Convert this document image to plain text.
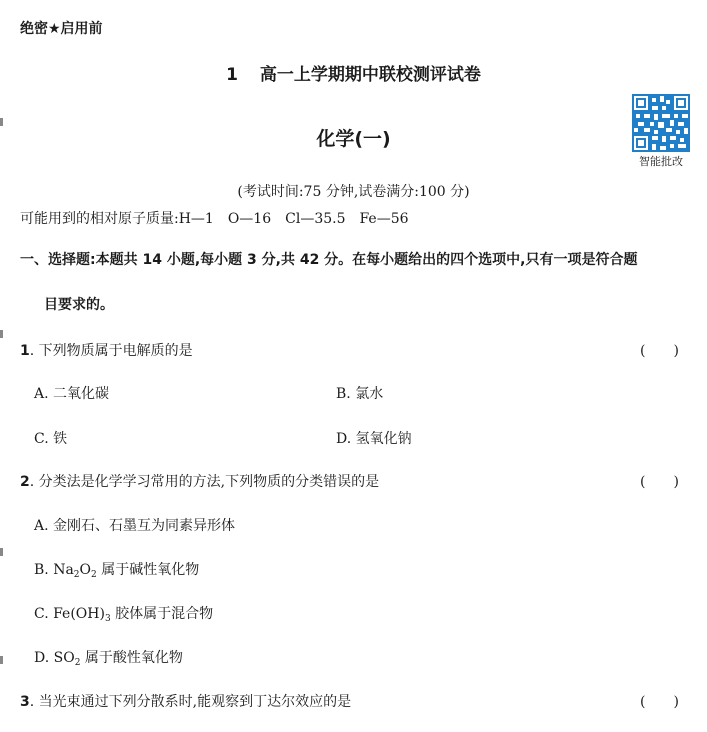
绝密★启用前
1 高一上学期期中联校测评试卷
化学(一)
智能批改
(考试时间:75 分钟,试卷满分:100 分)
可能用到的相对原子质量:H—1　O—16　Cl—35.5　Fe—56
一、选择题:本题共 14 小题,每小题 3 分,共 42 分。在每小题给出的四个选项中,只有一项是符合题
目要求的。
1. 下列物质属于电解质的是	(　　)
A. 二氧化碳	B. 氯水
C. 铁	D. 氢氧化钠
2. 分类法是化学学习常用的方法,下列物质的分类错误的是	(　　)
A. 金刚石、石墨互为同素异形体
B. $Na_2O_2$ 属于碱性氧化物
C. $Fe(OH)_3$ 胶体属于混合物
D. $SO_2$ 属于酸性氧化物
3. 当光束通过下列分散系时,能观察到丁达尔效应的是	(　　)
